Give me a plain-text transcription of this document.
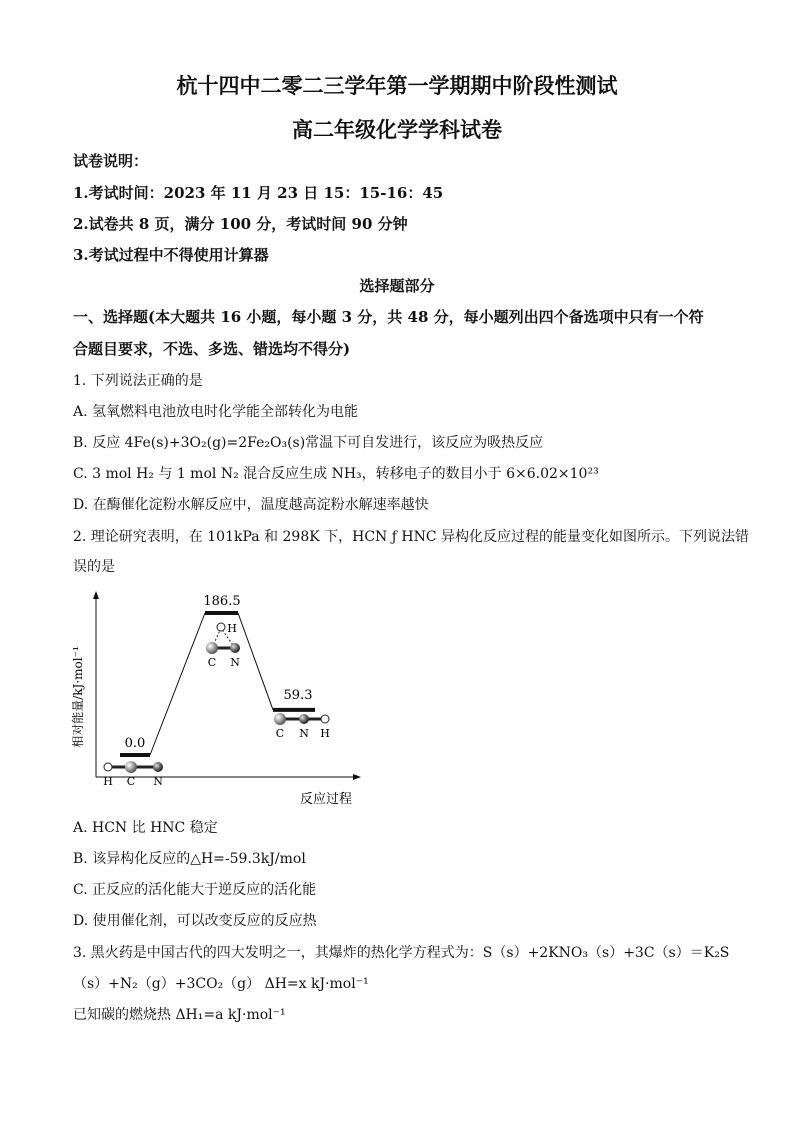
杭十四中二零二三学年第一学期期中阶段性测试
高二年级化学学科试卷
试卷说明：
1.考试时间：2023 年 11 月 23 日 15：15-16：45
2.试卷共 8 页，满分 100 分，考试时间 90 分钟
3.考试过程中不得使用计算器
选择题部分
一、选择题(本大题共 16 小题，每小题 3 分，共 48 分，每小题列出四个备选项中只有一个符
合题目要求，不选、多选、错选均不得分)
1. 下列说法正确的是
A. 氢氧燃料电池放电时化学能全部转化为电能
B. 反应 4Fe(s)+3O₂(g)=2Fe₂O₃(s)常温下可自发进行，该反应为吸热反应
C. 3 mol H₂ 与 1 mol N₂ 混合反应生成 NH₃，转移电子的数目小于 6×6.02×10²³
D. 在酶催化淀粉水解反应中，温度越高淀粉水解速率越快
2. 理论研究表明，在 101kPa 和 298K 下，HCN ƒ HNC 异构化反应过程的能量变化如图所示。下列说法错
误的是
相对能量/kJ·mol⁻¹
反应过程
0.0
186.5
59.3
H C N
H
C N
C N H
A. HCN 比 HNC 稳定
B. 该异构化反应的△H=-59.3kJ/mol
C. 正反应的活化能大于逆反应的活化能
D. 使用催化剂，可以改变反应的反应热
3. 黑火药是中国古代的四大发明之一，其爆炸的热化学方程式为：S（s）+2KNO₃（s）+3C（s）＝K₂S
（s）+N₂（g）+3CO₂（g） ΔH=x kJ·mol⁻¹
已知碳的燃烧热 ΔH₁=a kJ·mol⁻¹
